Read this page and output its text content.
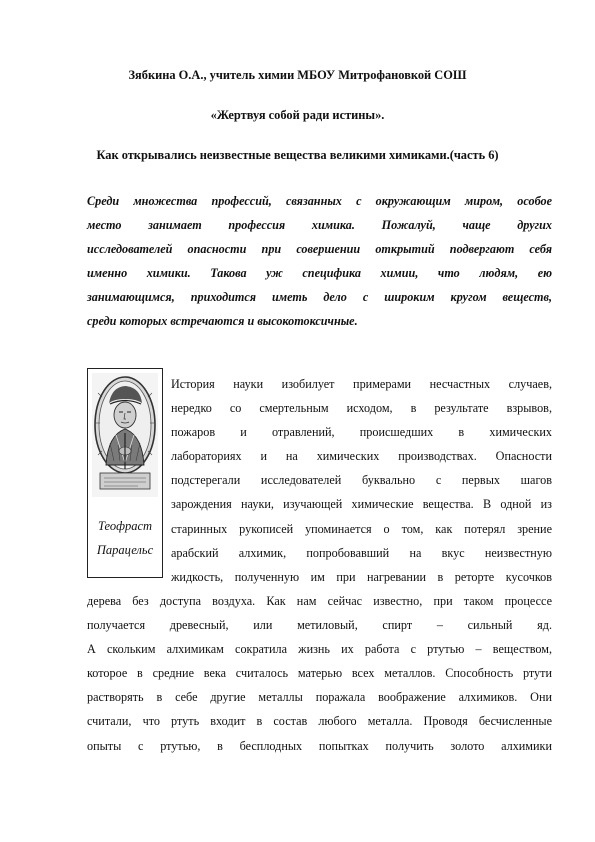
Зябкина О.А., учитель химии МБОУ Митрофановкой СОШ
«Жертвуя собой ради истины».
Как открывались неизвестные вещества великими химиками.(часть 6)
Среди множества профессий, связанных с окружающим миром, особое
место занимает профессия химика. Пожалуй, чаще других
исследователей опасности при совершении открытий подвергают себя
именно химики. Такова уж специфика химии, что людям, ею
занимающимся, приходится иметь дело с широким кругом веществ,
среди которых встречаются и высокотоксичные.
Теофраст
Парацельс
История науки изобилует примерами несчастных случаев,
нередко со смертельным исходом, в результате взрывов,
пожаров и отравлений, происшедших в химических
лабораториях и на химических производствах. Опасности
подстерегали исследователей буквально с первых шагов
зарождения науки, изучающей химические вещества. В одной из
старинных рукописей упоминается о том, как потерял зрение
арабский алхимик, попробовавший на вкус неизвестную
жидкость, полученную им при нагревании в реторте кусочков
дерева без доступа воздуха. Как нам сейчас известно, при таком процессе
получается древесный, или метиловый, спирт – сильный яд.
А скольким алхимикам сократила жизнь их работа с ртутью – веществом,
которое в средние века считалось матерью всех металлов. Способность ртути
растворять в себе другие металлы поражала воображение алхимиков. Они
считали, что ртуть входит в состав любого металла. Проводя бесчисленные
опыты с ртутью, в бесплодных попытках получить золото алхимики
